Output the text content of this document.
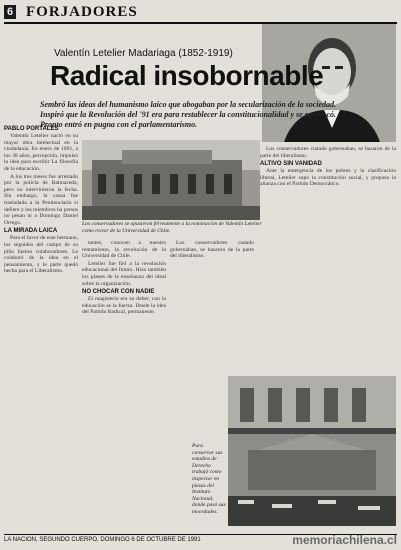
6 FORJADORES
Valentín Letelier Madariaga (1852-1919)
Radical insobornable
Sembró las ideas del humanismo laico que abogaban por la secularización de la sociedad. Inspiró que la Revolución del '91 era para restablecer la constitucionalidad y se equivocó. Pronto entró en pugna con el parlamentarismo.
PABLO PORTALES

Valentín Letelier nació en su mayor obra intelectual en la ciudadanía. En enero de 1891, a los 38 años, percepción, impulsó la idea para escribir La filosofía de la educación.

A los tres meses fue arrestado por la policía de Balmaceda, pero no intervinieron la fecha. Sin embargo, la causa fue trasladada a la Penitenciaría si defiere y los miembros ha presos no pesan ni a Domingo Daniel Orrego.

LA MIRADA LAICA

Para el favor de este hermano, los seguidos del campo de su piño fueron colaboradores. Le colaboró de la idea en el pensamiento, y le parte quedó hecha para el Liberalismo.

Los conservadores se opusieron férreamente a la nominación de Valentín Letelier como rector de la Universidad de Chile.

tantes, conocen a nuestro rentamiento, la revolución de la Universidad de Chile.

Letelier fue fiel a la revolución educacional del futuro. Hizo también los planes de la enseñanza del ideal sobre la organización.

NO CHOCAR CON NADIE

El magisterio era su deber, con la educación se la fuerza. Desde la idea del Partido Radical, permanente.

Los conservadores cuando gobernaban, se basaron de la parte del liberalismo.

Los conservadores cuando gobernaban, se basaron de la parte del liberalismo.

ALTIVO SIN VANIDAD

Ante la emergencia de los pobres y la clasificación liberal, Letelier supo la constitución social, y propuso la alianza con el Partido Democrático.

Para conservar sus estudios de Derecho trabajó como inspector en piezas del Instituto Nacional, donde pasó sus mocedades.
LA NACION, SEGUNDO CUERPO, DOMINGO 6 DE OCTUBRE DE 1991	memoriachilena.cl
